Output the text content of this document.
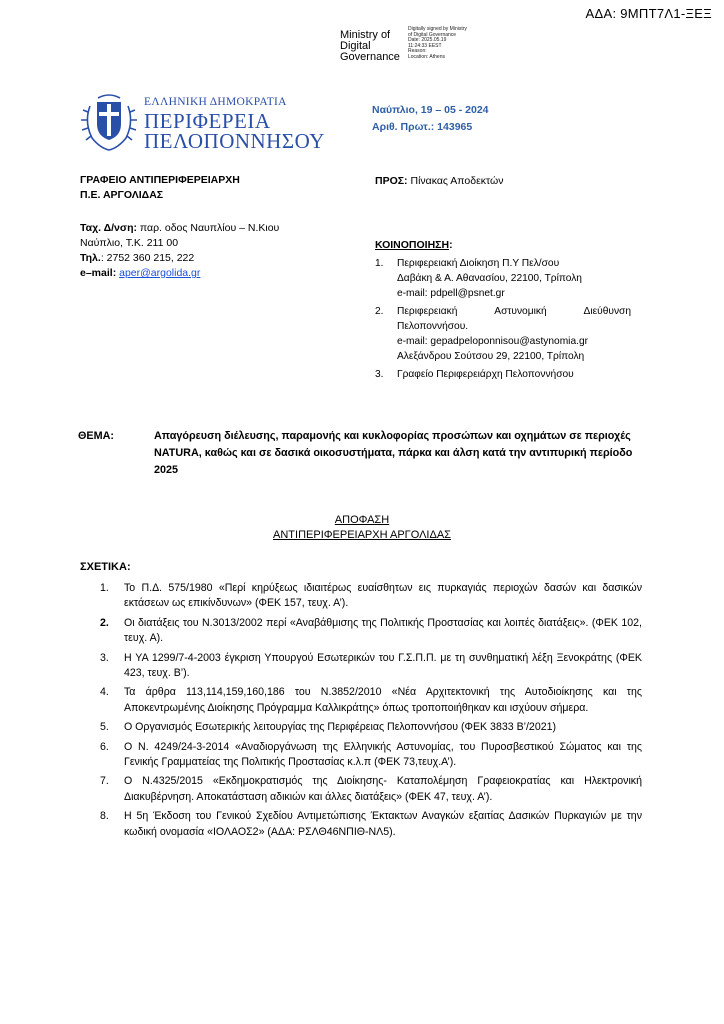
ΑΔΑ: 9ΜΠΤ7Λ1-ΞΕΞ
Ministry of
Digital
Governance
Digitally signed by Ministry
of Digital Governance
Date: 2025.05.19
11:24:33 EEST
Reason:
Location: Athens
ΕΛΛΗΝΙΚΗ ΔΗΜΟΚΡΑΤΙΑ
ΠΕΡΙΦΕΡΕΙΑ
ΠΕΛΟΠΟΝΝΗΣΟΥ
Ναύπλιο, 19 – 05 - 2024
Αριθ. Πρωτ.: 143965
ΓΡΑΦΕΙΟ ΑΝΤΙΠΕΡΙΦΕΡΕΙΑΡΧΗ
Π.Ε. ΑΡΓΟΛΙΔΑΣ
Ταχ. Δ/νση: παρ. οδος Ναυπλίου – Ν.Κιου
Ναύπλιο, Τ.Κ. 211 00
Τηλ.: 2752 360 215, 222
e–mail: aper@argolida.gr
ΠΡΟΣ: Πίνακας Αποδεκτών
ΚΟΙΝΟΠΟΙΗΣΗ:
1. Περιφερειακή Διοίκηση Π.Υ Πελ/σου
Δαβάκη & Α. Αθανασίου, 22100, Τρίπολη
e-mail: pdpell@psnet.gr
2. Περιφερειακή Αστυνομική Διεύθυνση
Πελοποννήσου.
e-mail: gepadpeloponnisou@astynomia.gr
Αλεξάνδρου Σούτσου 29, 22100, Τρίπολη
3. Γραφείο Περιφερειάρχη Πελοποννήσου
ΘΕΜΑ:	Απαγόρευση διέλευσης, παραμονής και κυκλοφορίας προσώπων και οχημάτων σε περιοχές NATURA, καθώς και σε δασικά οικοσυστήματα, πάρκα και άλση κατά την αντιπυρική περίοδο 2025
ΑΠΟΦΑΣΗ
ΑΝΤΙΠΕΡΙΦΕΡΕΙΑΡΧΗ ΑΡΓΟΛΙΔΑΣ
ΣΧΕΤΙΚΑ:
1. Το Π.Δ. 575/1980 «Περί κηρύξεως ιδιαιτέρως ευαίσθητων εις πυρκαγιάς περιοχών δασών και δασικών εκτάσεων ως επικίνδυνων» (ΦΕΚ 157, τευχ. Α’).
2. Οι διατάξεις του Ν.3013/2002 περί «Αναβάθμισης της Πολιτικής Προστασίας και λοιπές διατάξεις». (ΦΕΚ 102, τευχ. Α).
3. Η ΥΑ 1299/7-4-2003 έγκριση Υπουργού Εσωτερικών του Γ.Σ.Π.Π. με τη συνθηματική λέξη Ξενοκράτης (ΦΕΚ 423, τευχ. Β’).
4. Τα άρθρα 113,114,159,160,186 του Ν.3852/2010 «Νέα Αρχιτεκτονική της Αυτοδιοίκησης και της Αποκεντρωμένης Διοίκησης Πρόγραμμα Καλλικράτης» όπως τροποποιήθηκαν και ισχύουν σήμερα.
5. Ο Οργανισμός Εσωτερικής λειτουργίας της Περιφέρειας Πελοποννήσου (ΦΕΚ 3833 Β’/2021)
6. Ο Ν. 4249/24-3-2014 «Αναδιοργάνωση της Ελληνικής Αστυνομίας, του Πυροσβεστικού Σώματος και της Γενικής Γραμματείας της Πολιτικής Προστασίας κ.λ.π (ΦΕΚ 73,τευχ.Α’).
7. Ο Ν.4325/2015 «Εκδημοκρατισμός της Διοίκησης- Καταπολέμηση Γραφειοκρατίας και Ηλεκτρονική Διακυβέρνηση. Αποκατάσταση αδικιών και άλλες διατάξεις» (ΦΕΚ 47, τευχ. Α’).
8. Η 5η Έκδοση του Γενικού Σχεδίου Αντιμετώπισης Έκτακτων Αναγκών εξαιτίας Δασικών Πυρκαγιών με την κωδική ονομασία «ΙΟΛΑΟΣ2» (ΑΔΑ: ΡΣΛΘ46ΝΠΙΘ-ΝΛ5).
